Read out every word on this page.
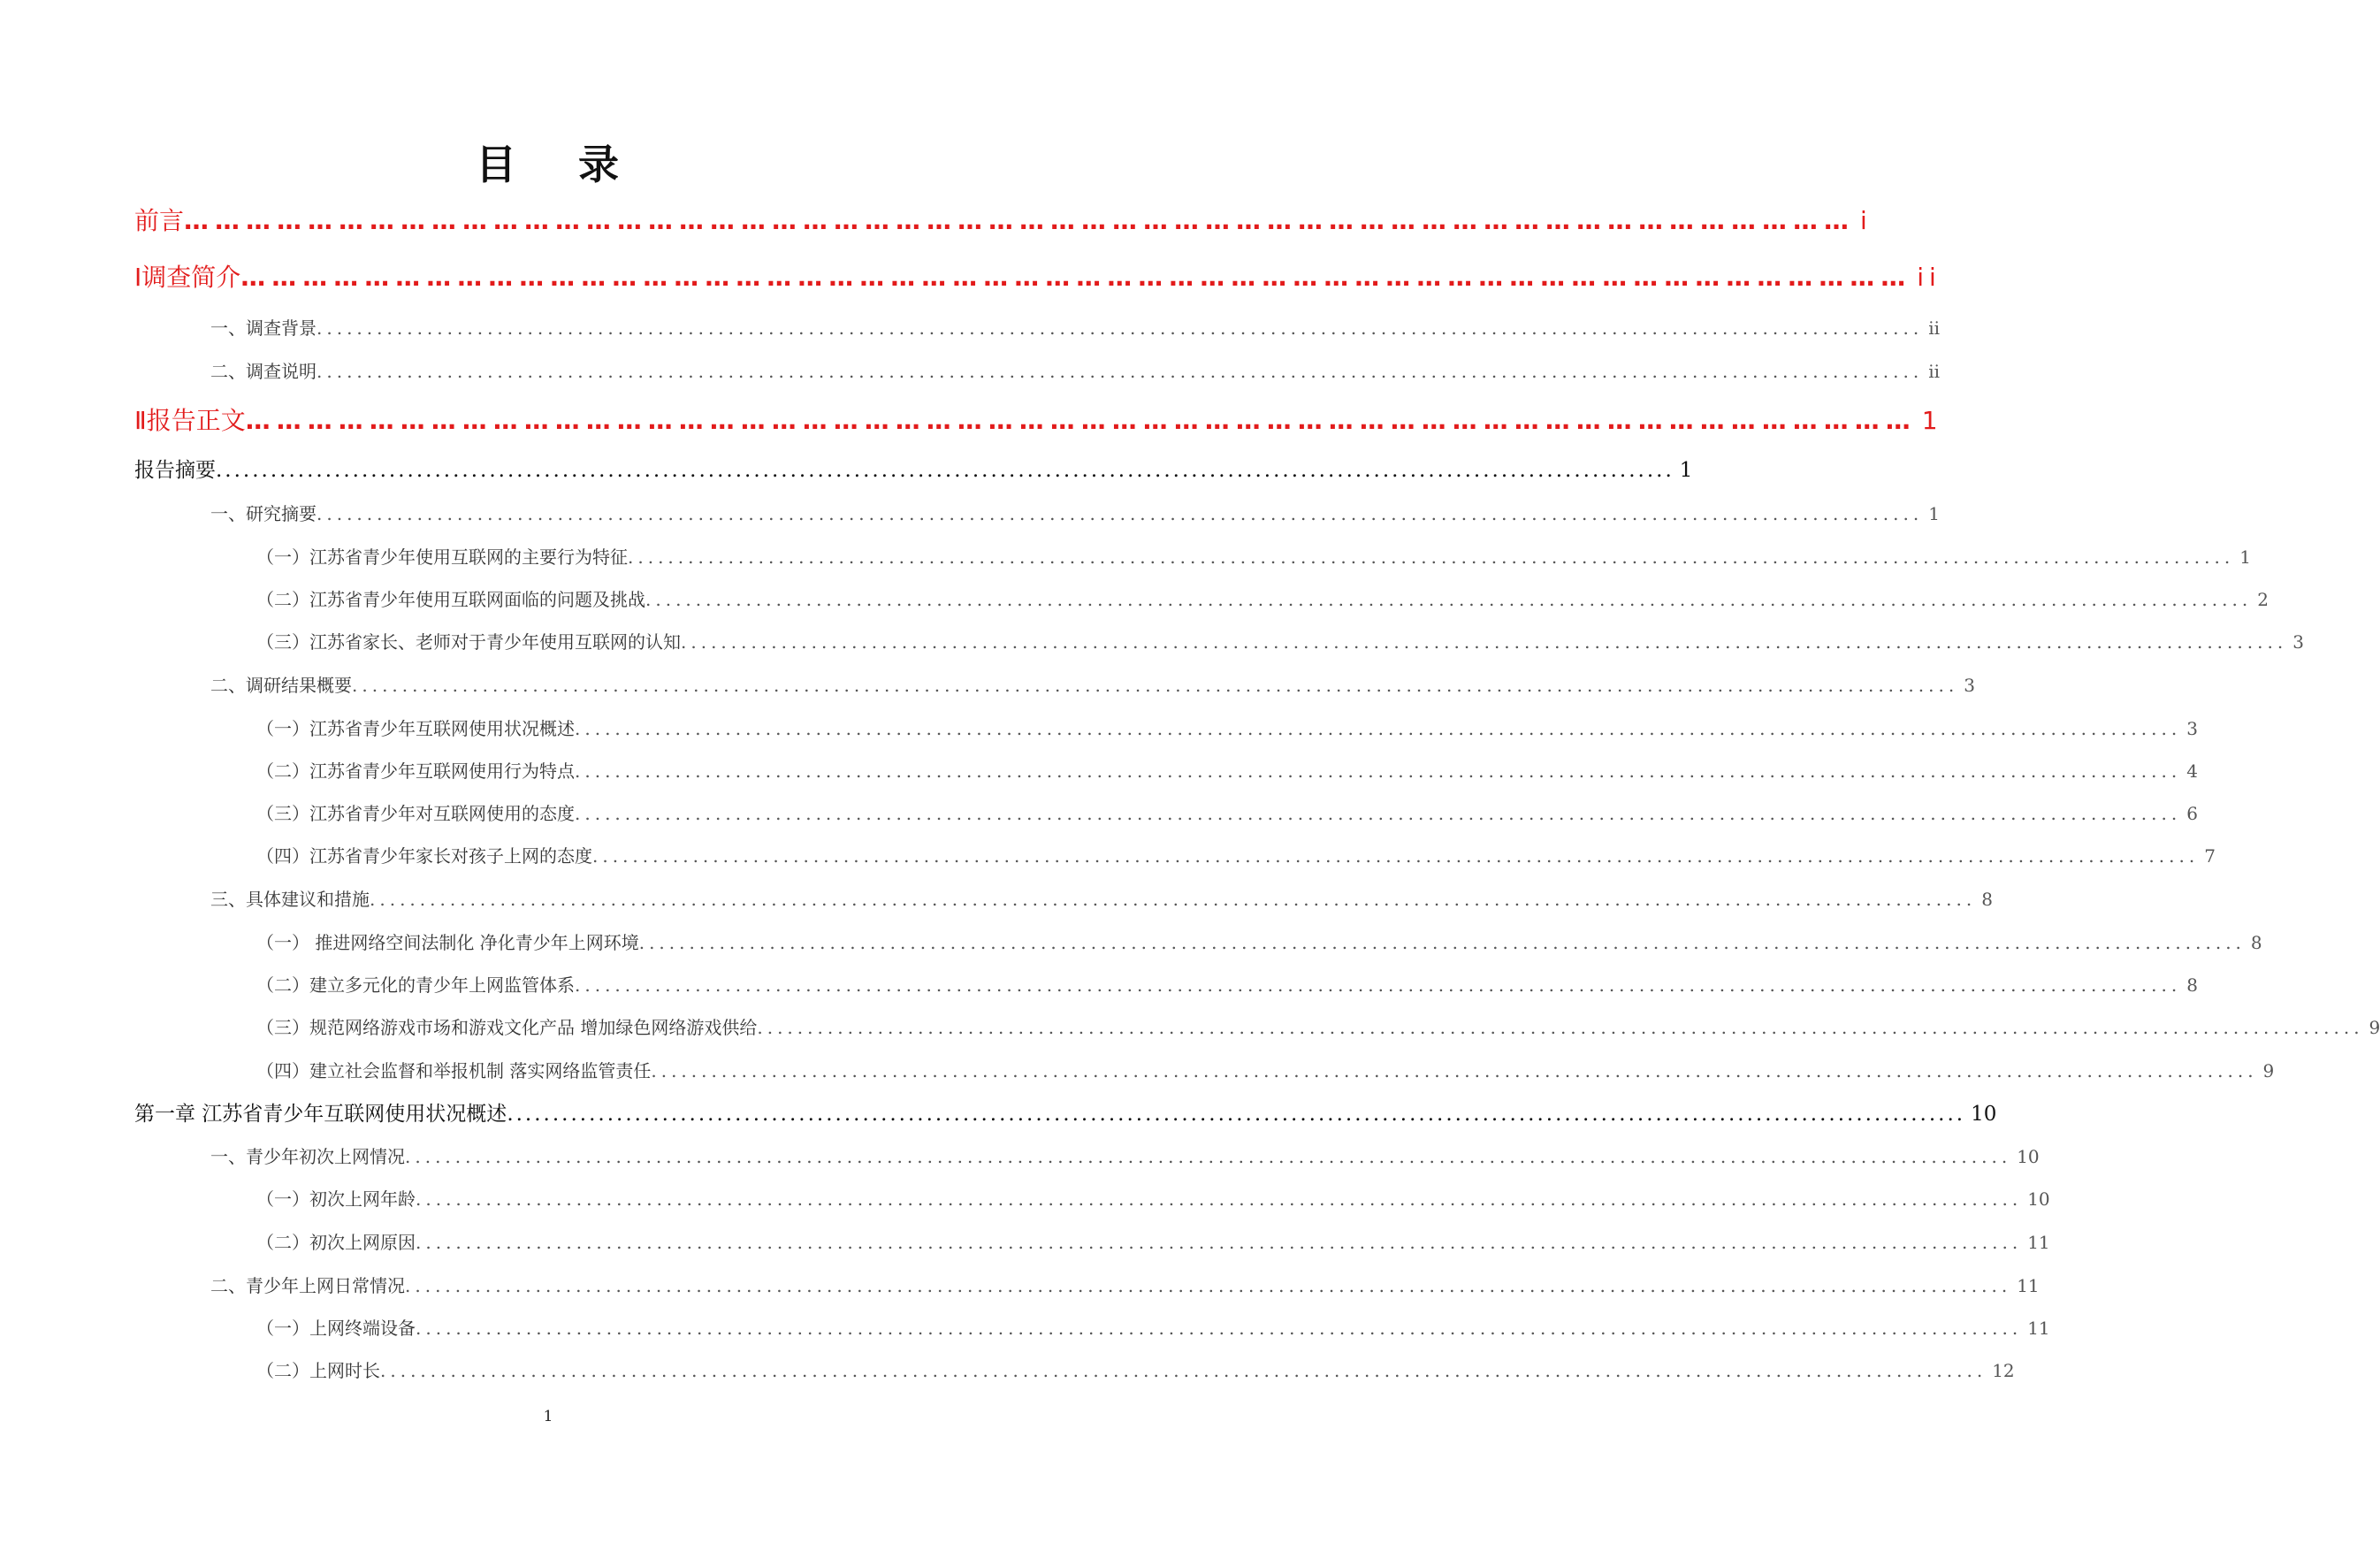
目 录
前言 ……………………………………………………………………………………………………………………………………………… i
Ⅰ调查简介 ……………………………………………………………………………………………………………………………………………… ii
一、调查背景 ................................................................................................................................................................ ii
二、调查说明 ................................................................................................................................................................ ii
Ⅱ报告正文 ……………………………………………………………………………………………………………………………………………… 1
报告摘要 ................................................................................................................................................................ 1
一、研究摘要 ................................................................................................................................................................ 1
（一）江苏省青少年使用互联网的主要行为特征 ................................................................................................................................................................ 1
（二）江苏省青少年使用互联网面临的问题及挑战 ................................................................................................................................................................ 2
（三）江苏省家长、老师对于青少年使用互联网的认知 ................................................................................................................................................................ 3
二、调研结果概要 ................................................................................................................................................................ 3
（一）江苏省青少年互联网使用状况概述 ................................................................................................................................................................ 3
（二）江苏省青少年互联网使用行为特点 ................................................................................................................................................................ 4
（三）江苏省青少年对互联网使用的态度 ................................................................................................................................................................ 6
（四）江苏省青少年家长对孩子上网的态度 ................................................................................................................................................................ 7
三、具体建议和措施 ................................................................................................................................................................ 8
（一） 推进网络空间法制化 净化青少年上网环境 ................................................................................................................................................................ 8
（二）建立多元化的青少年上网监管体系 ................................................................................................................................................................ 8
（三）规范网络游戏市场和游戏文化产品 增加绿色网络游戏供给 ................................................................................................................................................................ 9
（四）建立社会监督和举报机制 落实网络监管责任 ................................................................................................................................................................ 9
第一章 江苏省青少年互联网使用状况概述 ................................................................................................................................................................ 10
一、青少年初次上网情况 ................................................................................................................................................................ 10
（一）初次上网年龄 ................................................................................................................................................................ 10
（二）初次上网原因 ................................................................................................................................................................ 11
二、青少年上网日常情况 ................................................................................................................................................................ 11
（一）上网终端设备 ................................................................................................................................................................ 11
（二）上网时长 ................................................................................................................................................................ 12
1
